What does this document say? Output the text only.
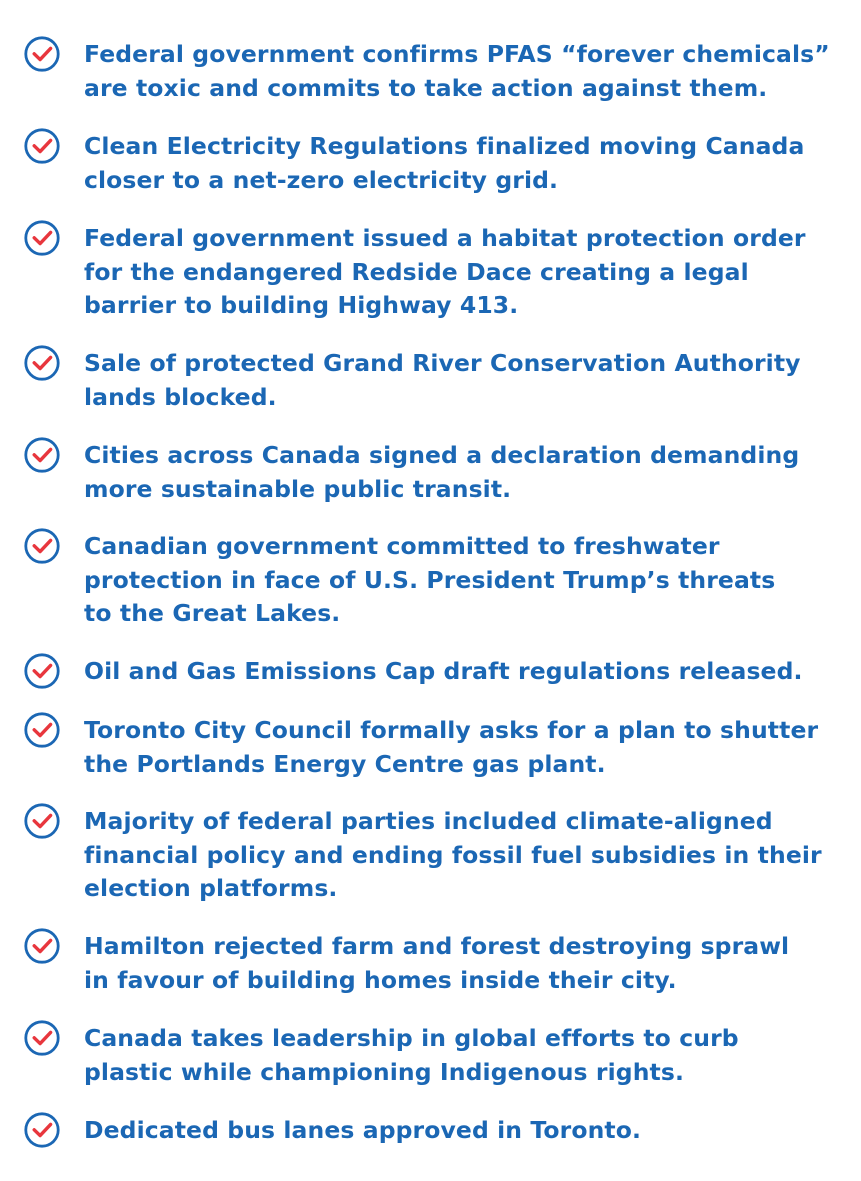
Federal government confirms PFAS “forever chemicals”
are toxic and commits to take action against them.

Clean Electricity Regulations finalized moving Canada
closer to a net-zero electricity grid.

Federal government issued a habitat protection order
for the endangered Redside Dace creating a legal
barrier to building Highway 413.

Sale of protected Grand River Conservation Authority
lands blocked.

Cities across Canada signed a declaration demanding
more sustainable public transit.

Canadian government committed to freshwater
protection in face of U.S. President Trump’s threats
to the Great Lakes.

Oil and Gas Emissions Cap draft regulations released.

Toronto City Council formally asks for a plan to shutter
the Portlands Energy Centre gas plant.

Majority of federal parties included climate-aligned
financial policy and ending fossil fuel subsidies in their
election platforms.

Hamilton rejected farm and forest destroying sprawl
in favour of building homes inside their city.

Canada takes leadership in global efforts to curb
plastic while championing Indigenous rights.

Dedicated bus lanes approved in Toronto.
